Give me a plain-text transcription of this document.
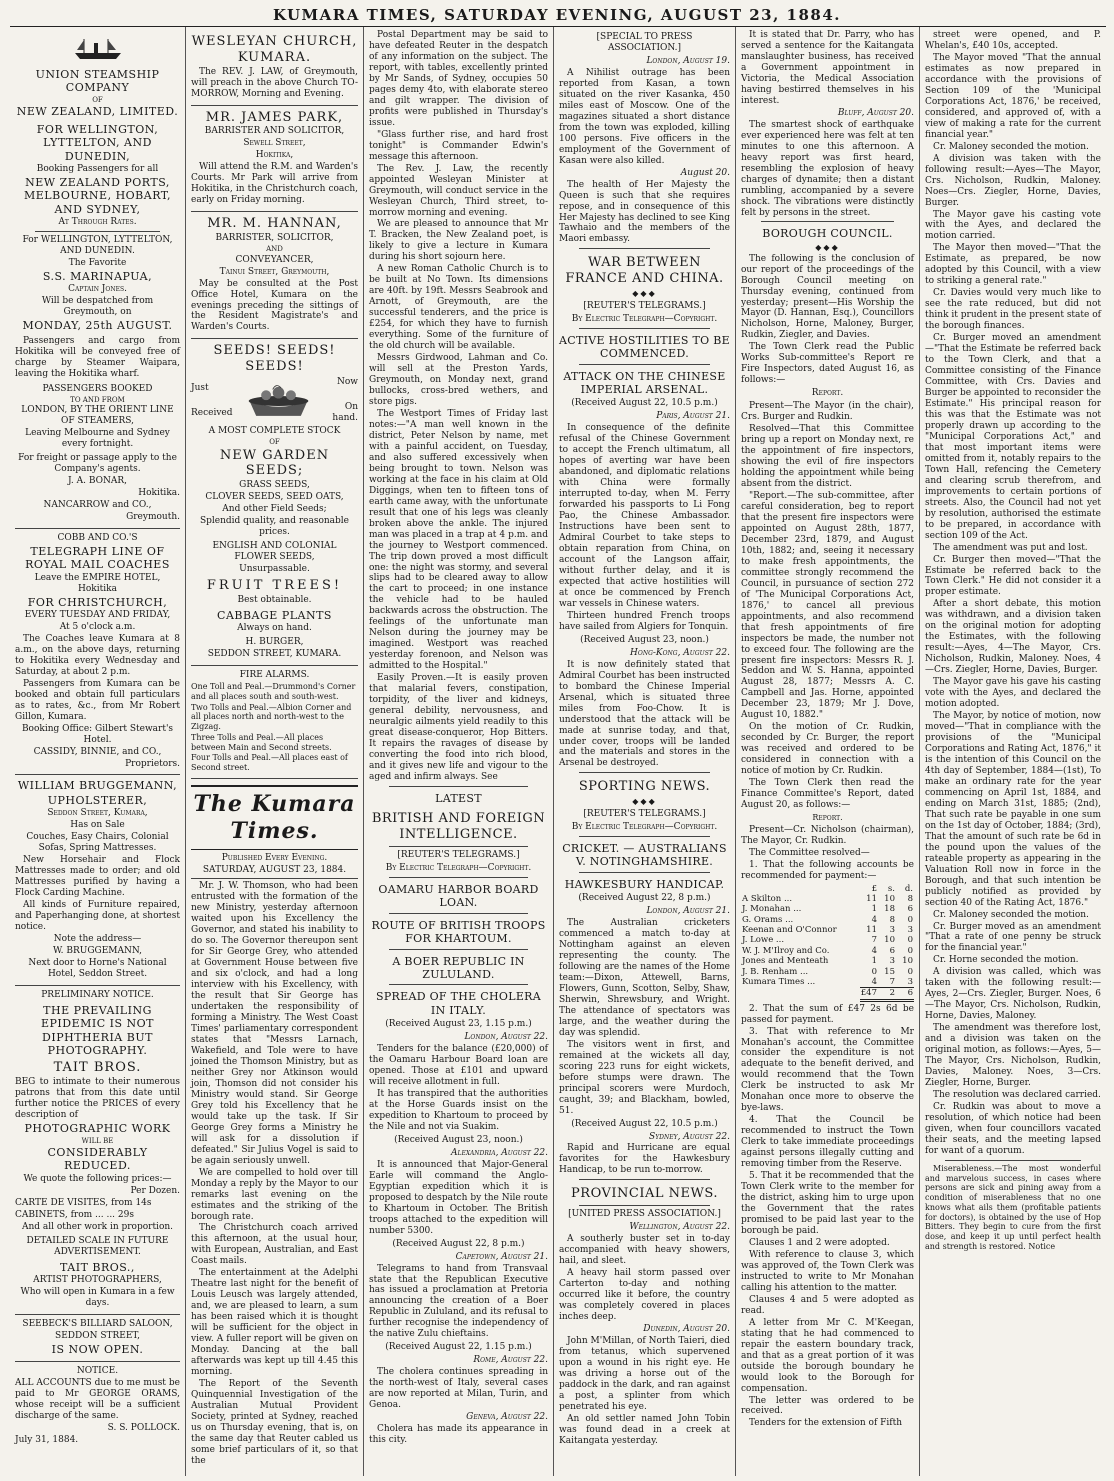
KUMARA TIMES, SATURDAY EVENING, AUGUST 23, 1884.

UNION STEAMSHIP COMPANY

OF

NEW ZEALAND, LIMITED.

FOR WELLINGTON, LYTTELTON, AND DUNEDIN,

Booking Passengers for all

NEW ZEALAND PORTS, MELBOURNE, HOBART, AND SYDNEY,

At Through Rates.

For WELLINGTON, LYTTELTON, AND DUNEDIN.

The Favorite

S.S. MARINAPUA,

Captain Jones.

Will be despatched from Greymouth, on

MONDAY, 25th AUGUST.

Passengers and cargo from Hokitika will be conveyed free of charge by Steamer Waipara, leaving the Hokitika wharf.

PASSENGERS BOOKED

TO AND FROM

LONDON, BY THE ORIENT LINE OF STEAMERS,

Leaving Melbourne and Sydney every fortnight.

For freight or passage apply to the Company's agents.

J. A. BONAR,

Hokitika.

NANCARROW and CO.,

Greymouth.

COBB AND CO.'S

TELEGRAPH LINE OF ROYAL MAIL COACHES

Leave the EMPIRE HOTEL, Hokitika

FOR CHRISTCHURCH,

EVERY TUESDAY AND FRIDAY,

At 5 o'clock a.m.

The Coaches leave Kumara at 8 a.m., on the above days, returning to Hokitika every Wednesday and Saturday, at about 2 p.m.

Passengers from Kumara can be booked and obtain full particulars as to rates, &c., from Mr Robert Gillon, Kumara.

Booking Office: Gilbert Stewart's Hotel.

CASSIDY, BINNIE, and CO.,

Proprietors.

WILLIAM BRUGGEMANN,

UPHOLSTERER,

Seddon Street, Kumara,

Has on Sale

Couches, Easy Chairs, Colonial Sofas, Spring Mattresses.

New Horsehair and Flock Mattresses made to order; and old Mattresses purified by having a Flock Carding Machine.

All kinds of Furniture repaired, and Paperhanging done, at shortest notice.

Note the address—

W. BRUGGEMANN,

Next door to Horne's National Hotel, Seddon Street.

PRELIMINARY NOTICE.

THE PREVAILING EPIDEMIC IS NOT DIPHTHERIA BUT PHOTOGRAPHY.

TAIT BROS.

BEG to intimate to their numerous patrons that from this date until further notice the PRICES of every description of

PHOTOGRAPHIC WORK

WILL BE

CONSIDERABLY REDUCED.

We quote the following prices:—

Per Dozen.

CARTE DE VISITES, from 14s

CABINETS, from ... ... 29s

And all other work in proportion.

DETAILED SCALE IN FUTURE ADVERTISEMENT.

TAIT BROS.,

ARTIST PHOTOGRAPHERS,

Who will open in Kumara in a few days.

SEEBECK'S BILLIARD SALOON,

SEDDON STREET,

IS NOW OPEN.

NOTICE.

ALL ACCOUNTS due to me must be paid to Mr GEORGE ORAMS, whose receipt will be a sufficient discharge of the same.

S. S. POLLOCK.

July 31, 1884.

WESLEYAN CHURCH, KUMARA.

The REV. J. LAW, of Greymouth, will preach in the above Church TO-MORROW, Morning and Evening.

MR. JAMES PARK,

BARRISTER AND SOLICITOR,

Sewell Street,

Hokitika,

Will attend the R.M. and Warden's Courts. Mr Park will arrive from Hokitika, in the Christchurch coach, early on Friday morning.

MR. M. HANNAN,

BARRISTER, SOLICITOR,

AND

CONVEYANCER,

Tainui Street, Greymouth,

May be consulted at the Post Office Hotel, Kumara on the evenings preceding the sittings of the Resident Magistrate's and Warden's Courts.

SEEDS! SEEDS! SEEDS!

Just
Received
Now
On hand.

A MOST COMPLETE STOCK

OF

NEW GARDEN SEEDS;

GRASS SEEDS,

CLOVER SEEDS, SEED OATS,

And other Field Seeds;

Splendid quality, and reasonable prices.

ENGLISH AND COLONIAL FLOWER SEEDS,

Unsurpassable.

FRUIT TREES!

Best obtainable.

CABBAGE PLANTS

Always on hand.

H. BURGER,

SEDDON STREET, KUMARA.

FIRE ALARMS.

One Toll and Peal.—Drummond's Corner and all places south and south-west.

Two Tolls and Peal.—Albion Corner and all places north and north-west to the Zigzag.

Three Tolls and Peal.—All places between Main and Second streets.

Four Tolls and Peal.—All places east of Second street.

The Kumara Times.

Published Every Evening.

SATURDAY, AUGUST 23, 1884.

Mr. J. W. Thomson, who had been entrusted with the formation of the new Ministry, yesterday afternoon waited upon his Excellency the Governor, and stated his inability to do so. The Governor thereupon sent for Sir George Grey, who attended at Government House between five and six o'clock, and had a long interview with his Excellency, with the result that Sir George has undertaken the responsibility of forming a Ministry. The West Coast Times' parliamentary correspondent states that "Messrs Larnach, Wakefield, and Tole were to have joined the Thomson Ministry, but as neither Grey nor Atkinson would join, Thomson did not consider his Ministry would stand. Sir George Grey told his Excellency that he would take up the task. If Sir George Grey forms a Ministry he will ask for a dissolution if defeated." Sir Julius Vogel is said to be again seriously unwell.

We are compelled to hold over till Monday a reply by the Mayor to our remarks last evening on the estimates and the striking of the borough rate.

The Christchurch coach arrived this afternoon, at the usual hour, with European, Australian, and East Coast mails.

The entertainment at the Adelphi Theatre last night for the benefit of Louis Leusch was largely attended, and, we are pleased to learn, a sum has been raised which it is thought will be sufficient for the object in view. A fuller report will be given on Monday. Dancing at the ball afterwards was kept up till 4.45 this morning.

The Report of the Seventh Quinquennial Investigation of the Australian Mutual Provident Society, printed at Sydney, reached us on Thursday evening, that is, on the same day that Reuter cabled us some brief particulars of it, so that the

Postal Department may be said to have defeated Reuter in the despatch of any information on the subject. The report, with tables, excellently printed by Mr Sands, of Sydney, occupies 50 pages demy 4to, with elaborate stereo and gilt wrapper. The division of profits were published in Thursday's issue.

"Glass further rise, and hard frost tonight" is Commander Edwin's message this afternoon.

The Rev. J. Law, the recently appointed Wesleyan Minister at Greymouth, will conduct service in the Wesleyan Church, Third street, to-morrow morning and evening.

We are pleased to announce that Mr T. Bracken, the New Zealand poet, is likely to give a lecture in Kumara during his short sojourn here.

A new Roman Catholic Church is to be built at No Town. Its dimensions are 40ft. by 19ft. Messrs Seabrook and Arnott, of Greymouth, are the successful tenderers, and the price is £254, for which they have to furnish everything. Some of the furniture of the old church will be available.

Messrs Girdwood, Lahman and Co. will sell at the Preston Yards, Greymouth, on Monday next, grand bullocks, cross-bred wethers, and store pigs.

The Westport Times of Friday last notes:—"A man well known in the district, Peter Nelson by name, met with a painful accident, on Tuesday, and also suffered excessively when being brought to town. Nelson was working at the face in his claim at Old Diggings, when ten to fifteen tons of earth came away, with the unfortunate result that one of his legs was cleanly broken above the ankle. The injured man was placed in a trap at 4 p.m. and the journey to Westport commenced. The trip down proved a most difficult one: the night was stormy, and several slips had to be cleared away to allow the cart to proceed; in one instance the vehicle had to be hauled backwards across the obstruction. The feelings of the unfortunate man Nelson during the journey may be imagined. Westport was reached yesterday forenoon, and Nelson was admitted to the Hospital."

Easily Proven.—It is easily proven that malarial fevers, constipation, torpidity, of the liver and kidneys, general debility, nervousness, and neuralgic ailments yield readily to this great disease-conqueror, Hop Bitters. It repairs the ravages of disease by converting the food into rich blood, and it gives new life and vigour to the aged and infirm always. See

LATEST
BRITISH AND FOREIGN INTELLIGENCE.
[REUTER'S TELEGRAMS.]
By Electric Telegraph—Copyright.
OAMARU HARBOR BOARD LOAN.
ROUTE OF BRITISH TROOPS FOR KHARTOUM.
A BOER REPUBLIC IN ZULULAND.
SPREAD OF THE CHOLERA IN ITALY.
(Received August 23, 1.15 p.m.)
London, August 22.

Tenders for the balance (£20,000) of the Oamaru Harbour Board loan are opened. Those at £101 and upward will receive allotment in full.

It has transpired that the authorities at the Horse Guards insist on the expedition to Khartoum to proceed by the Nile and not via Suakim.

(Received August 23, noon.)
Alexandria, August 22.

It is announced that Major-General Earle will command the Anglo-Egyptian expedition which it is proposed to despatch by the Nile route to Khartoum in October. The British troops attached to the expedition will number 5300.

(Received August 22, 8 p.m.)
Capetown, August 21.

Telegrams to hand from Transvaal state that the Republican Executive has issued a proclamation at Pretoria announcing the creation of a Boer Republic in Zululand, and its refusal to further recognise the independency of the native Zulu chieftains.

(Received August 22, 1.15 p.m.)
Rome, August 22.

The cholera continues spreading in the north-west of Italy, several cases are now reported at Milan, Turin, and Genoa.

Geneva, August 22.

Cholera has made its appearance in this city.

[SPECIAL TO PRESS ASSOCIATION.]
London, August 19.

A Nihilist outrage has been reported from Kasan, a town situated on the river Kasanka, 450 miles east of Moscow. One of the magazines situated a short distance from the town was exploded, killing 100 persons. Five officers in the employment of the Government of Kasan were also killed.

August 20.

The health of Her Majesty the Queen is such that she requires repose, and in consequence of this Her Majesty has declined to see King Tawhaio and the members of the Maori embassy.

WAR BETWEEN FRANCE AND CHINA.
◆◆◆
[REUTER'S TELEGRAMS.]
By Electric Telegraph—Copyright.
ACTIVE HOSTILITIES TO BE COMMENCED.
ATTACK ON THE CHINESE IMPERIAL ARSENAL.
(Received August 22, 10.5 p.m.)
Paris, August 21.

In consequence of the definite refusal of the Chinese Government to accept the French ultimatum, all hopes of averting war have been abandoned, and diplomatic relations with China were formally interrupted to-day, when M. Ferry forwarded his passports to Li Fong Pao, the Chinese Ambassador. Instructions have been sent to Admiral Courbet to take steps to obtain reparation from China, on account of the Langson affair, without further delay, and it is expected that active hostilities will at once be commenced by French war vessels in Chinese waters.

Thirteen hundred French troops have sailed from Algiers for Tonquin.

(Received August 23, noon.)
Hong-Kong, August 22.

It is now definitely stated that Admiral Courbet has been instructed to bombard the Chinese Imperial Arsenal, which is situated three miles from Foo-Chow. It is understood that the attack will be made at sunrise today, and that, under cover, troops will be landed and the materials and stores in the Arsenal be destroyed.

SPORTING NEWS.
◆◆◆
[REUTER'S TELEGRAMS.]
By Electric Telegraph—Copyright.
CRICKET. — AUSTRALIANS V. NOTINGHAMSHIRE.
HAWKESBURY HANDICAP.
(Received August 22, 8 p.m.)
London, August 21.

The Australian cricketers commenced a match to-day at Nottingham against an eleven representing the county. The following are the names of the Home team:—Dixon, Attewell, Barns, Flowers, Gunn, Scotton, Selby, Shaw, Sherwin, Shrewsbury, and Wright. The attendance of spectators was large, and the weather during the day was splendid.

The visitors went in first, and remained at the wickets all day, scoring 223 runs for eight wickets, before stumps were drawn. The principal scorers were Murdoch, caught, 39; and Blackham, bowled, 51.

(Received August 22, 10.5 p.m.)
Sydney, August 22.

Rapid and Hurricane are equal favorites for the Hawkesbury Handicap, to be run to-morrow.

PROVINCIAL NEWS.
[UNITED PRESS ASSOCIATION.]
Wellington, August 22.

A southerly buster set in to-day accompanied with heavy showers, hail, and sleet.

A heavy hail storm passed over Carterton to-day and nothing occurred like it before, the country was completely covered in places inches deep.

Dunedin, August 20.

John M'Millan, of North Taieri, died from tetanus, which supervened upon a wound in his right eye. He was driving a horse out of the paddock in the dark, and ran against a post, a splinter from which penetrated his eye.

An old settler named John Tobin was found dead in a creek at Kaitangata yesterday.

It is stated that Dr. Parry, who has served a sentence for the Kaitangata manslaughter business, has received a Government appointment in Victoria, the Medical Association having bestirred themselves in his interest.

Bluff, August 20.

The smartest shock of earthquake ever experienced here was felt at ten minutes to one this afternoon. A heavy report was first heard, resembling the explosion of heavy charges of dynamite; then a distant rumbling, accompanied by a severe shock. The vibrations were distinctly felt by persons in the street.

BOROUGH COUNCIL.
◆◆◆

The following is the conclusion of our report of the proceedings of the Borough Council meeting on Thursday evening, continued from yesterday; present—His Worship the Mayor (D. Hannan, Esq.), Councillors Nicholson, Horne, Maloney, Burger, Rudkin, Ziegler, and Davies.

The Town Clerk read the Public Works Sub-committee's Report re Fire Inspectors, dated August 16, as follows:—

Report.

Present—The Mayor (in the chair), Crs. Burger and Rudkin.

Resolved—That this Committee bring up a report on Monday next, re the appointment of fire inspectors, showing the evil of fire inspectors holding the appointment while being absent from the district.

"Report.—The sub-committee, after careful consideration, beg to report that the present fire inspectors were appointed on August 28th, 1877, December 23rd, 1879, and August 10th, 1882; and, seeing it necessary to make fresh appointments, the committee strongly recommend the Council, in pursuance of section 272 of 'The Municipal Corporations Act, 1876,' to cancel all previous appointments, and also recommend that fresh appointments of fire inspectors be made, the number not to exceed four. The following are the present fire inspectors: Messrs R. J. Seddon and W. S. Hanna, appointed August 28, 1877; Messrs A. C. Campbell and Jas. Horne, appointed December 23, 1879; Mr J. Dove, August 10, 1882."

On the motion of Cr. Rudkin, seconded by Cr. Burger, the report was received and ordered to be considered in connection with a notice of motion by Cr. Rudkin.

The Town Clerk then read the Finance Committee's Report, dated August 20, as follows:—

Report.

Present—Cr. Nicholson (chairman), The Mayor, Cr. Rudkin.

The Committee resolved—

1. That the following accounts be recommended for payment:—

	£	s.	d.
A Skilton ...	11	10	8
J. Monahan ...	1	18	6
G. Orams ...	4	8	0
Keenan and O'Connor	11	3	3
J. Lowe ...	7	10	0
W. J. M'Ilroy and Co.	4	6	0
Jones and Menteath	1	3	10
J. B. Renham ...	0	15	0
Kumara Times ...	4	7	3
	£47	2	6

2. That the sum of £47 2s 6d be passed for payment.

3. That with reference to Mr Monahan's account, the Committee consider the expenditure is not adequate to the benefit derived, and would recommend that the Town Clerk be instructed to ask Mr Monahan once more to observe the bye-laws.

4. That the Council be recommended to instruct the Town Clerk to take immediate proceedings against persons illegally cutting and removing timber from the Reserve.

5. That it be recommended that the Town Clerk write to the member for the district, asking him to urge upon the Government that the rates promised to be paid last year to the borough be paid.

Clauses 1 and 2 were adopted.

With reference to clause 3, which was approved of, the Town Clerk was instructed to write to Mr Monahan calling his attention to the matter.

Clauses 4 and 5 were adopted as read.

A letter from Mr C. M'Keegan, stating that he had commenced to repair the eastern boundary track, and that as a great portion of it was outside the borough boundary he would look to the Borough for compensation.

The letter was ordered to be received.

Tenders for the extension of Fifth

street were opened, and P. Whelan's, £40 10s, accepted.

The Mayor moved "That the annual estimates as now prepared in accordance with the provisions of Section 109 of the 'Municipal Corporations Act, 1876,' be received, considered, and approved of, with a view of making a rate for the current financial year."

Cr. Maloney seconded the motion.

A division was taken with the following result:—Ayes—The Mayor, Crs. Nicholson, Rudkin, Maloney. Noes—Crs. Ziegler, Horne, Davies, Burger.

The Mayor gave his casting vote with the Ayes, and declared the motion carried.

The Mayor then moved—"That the Estimate, as prepared, be now adopted by this Council, with a view to striking a general rate."

Cr. Davies would very much like to see the rate reduced, but did not think it prudent in the present state of the borough finances.

Cr. Burger moved an amendment—"That the Estimate be referred back to the Town Clerk, and that a Committee consisting of the Finance Committee, with Crs. Davies and Burger be appointed to reconsider the Estimate." His principal reason for this was that the Estimate was not properly drawn up according to the "Municipal Corporations Act," and that most important items were omitted from it, notably repairs to the Town Hall, refencing the Cemetery and clearing scrub therefrom, and improvements to certain portions of streets. Also, the Council had not yet by resolution, authorised the estimate to be prepared, in accordance with section 109 of the Act.

The amendment was put and lost.

Cr. Burger then moved—"That the Estimate be referred back to the Town Clerk." He did not consider it a proper estimate.

After a short debate, this motion was withdrawn, and a division taken on the original motion for adopting the Estimates, with the following result:—Ayes, 4—The Mayor, Crs. Nicholson, Rudkin, Maloney. Noes, 4—Crs. Ziegler, Horne, Davies, Burger.

The Mayor gave his gave his casting vote with the Ayes, and declared the motion adopted.

The Mayor, by notice of motion, now moved—"That in compliance with the provisions of the "Municipal Corporations and Rating Act, 1876," it is the intention of this Council on the 4th day of September, 1884—(1st), To make an ordinary rate for the year commencing on April 1st, 1884, and ending on March 31st, 1885; (2nd), That such rate be payable in one sum on the 1st day of October, 1884; (3rd), That the amount of such rate be 6d in the pound upon the values of the rateable property as appearing in the Valuation Roll now in force in the Borough, and that such intention be publicly notified as provided by section 40 of the Rating Act, 1876."

Cr. Maloney seconded the motion.

Cr. Burger moved as an amendment "That a rate of one penny be struck for the financial year."

Cr. Horne seconded the motion.

A division was called, which was taken with the following result:—Ayes, 2—Crs. Ziegler, Burger. Noes, 6—The Mayor, Crs. Nicholson, Rudkin, Horne, Davies, Maloney.

The amendment was therefore lost, and a division was taken on the original motion, as follows:—Ayes, 5—The Mayor, Crs. Nicholson, Rudkin, Davies, Maloney. Noes, 3—Crs. Ziegler, Horne, Burger.

The resolution was declared carried.

Cr. Rudkin was about to move a resolution, of which notice had been given, when four councillors vacated their seats, and the meeting lapsed for want of a quorum.

Miserableness.—The most wonderful and marvelous success, in cases where persons are sick and pining away from a condition of miserableness that no one knows what ails them (profitable patients for doctors), is obtained by the use of Hop Bitters. They begin to cure from the first dose, and keep it up until perfect health and strength is restored. Notice
